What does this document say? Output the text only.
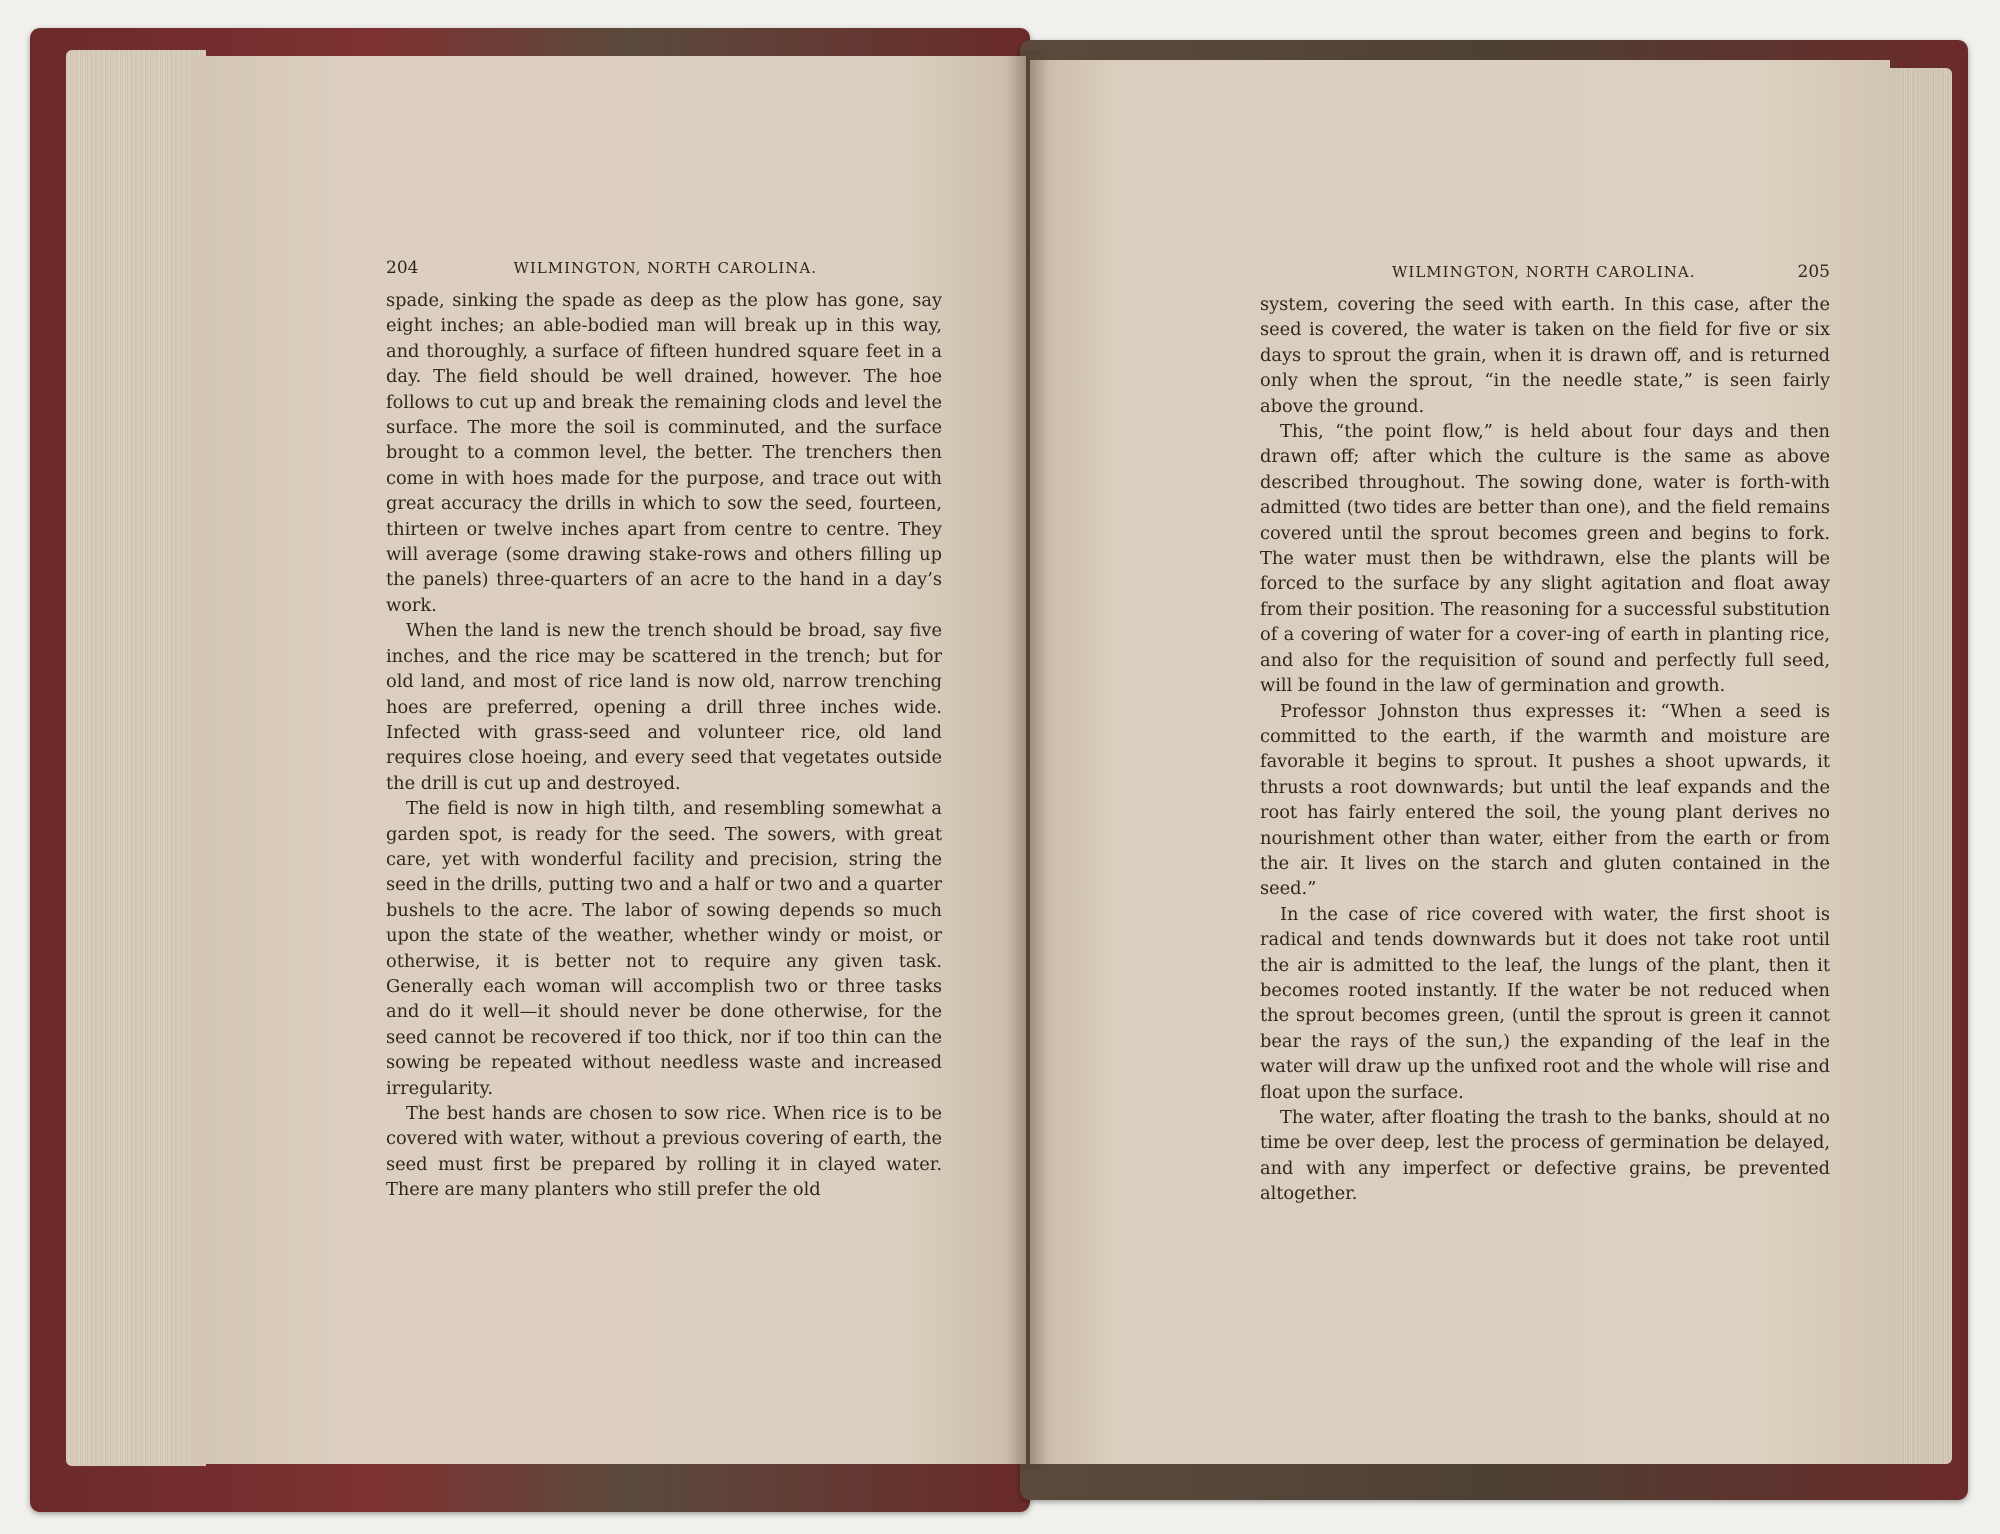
204	WILMINGTON, NORTH CAROLINA.

spade, sinking the spade as deep as the plow has gone, say eight inches; an able-bodied man will break up in this way, and thoroughly, a surface of fifteen hundred square feet in a day. The field should be well drained, however. The hoe follows to cut up and break the remaining clods and level the surface. The more the soil is comminuted, and the surface brought to a common level, the better. The trenchers then come in with hoes made for the purpose, and trace out with great accuracy the drills in which to sow the seed, fourteen, thirteen or twelve inches apart from centre to centre. They will average (some drawing stake-rows and others filling up the panels) three-quarters of an acre to the hand in a day’s work.

When the land is new the trench should be broad, say five inches, and the rice may be scattered in the trench; but for old land, and most of rice land is now old, narrow trenching hoes are preferred, opening a drill three inches wide. Infected with grass-seed and volunteer rice, old land requires close hoeing, and every seed that vegetates outside the drill is cut up and destroyed.

The field is now in high tilth, and resembling somewhat a garden spot, is ready for the seed. The sowers, with great care, yet with wonderful facility and precision, string the seed in the drills, putting two and a half or two and a quarter bushels to the acre. The labor of sowing depends so much upon the state of the weather, whether windy or moist, or otherwise, it is better not to require any given task. Generally each woman will accomplish two or three tasks and do it well—it should never be done otherwise, for the seed cannot be recovered if too thick, nor if too thin can the sowing be repeated without needless waste and increased irregularity.

The best hands are chosen to sow rice. When rice is to be covered with water, without a previous covering of earth, the seed must first be prepared by rolling it in clayed water. There are many planters who still prefer the old

WILMINGTON, NORTH CAROLINA.	205

system, covering the seed with earth. In this case, after the seed is covered, the water is taken on the field for five or six days to sprout the grain, when it is drawn off, and is returned only when the sprout, “in the needle state,” is seen fairly above the ground.

This, “the point flow,” is held about four days and then drawn off; after which the culture is the same as above described throughout. The sowing done, water is forth-with admitted (two tides are better than one), and the field remains covered until the sprout becomes green and begins to fork. The water must then be withdrawn, else the plants will be forced to the surface by any slight agitation and float away from their position. The reasoning for a successful substitution of a covering of water for a cover-ing of earth in planting rice, and also for the requisition of sound and perfectly full seed, will be found in the law of germination and growth.

Professor Johnston thus expresses it: “When a seed is committed to the earth, if the warmth and moisture are favorable it begins to sprout. It pushes a shoot upwards, it thrusts a root downwards; but until the leaf expands and the root has fairly entered the soil, the young plant derives no nourishment other than water, either from the earth or from the air. It lives on the starch and gluten contained in the seed.”

In the case of rice covered with water, the first shoot is radical and tends downwards but it does not take root until the air is admitted to the leaf, the lungs of the plant, then it becomes rooted instantly. If the water be not reduced when the sprout becomes green, (until the sprout is green it cannot bear the rays of the sun,) the expanding of the leaf in the water will draw up the unfixed root and the whole will rise and float upon the surface.

The water, after floating the trash to the banks, should at no time be over deep, lest the process of germination be delayed, and with any imperfect or defective grains, be prevented altogether.
